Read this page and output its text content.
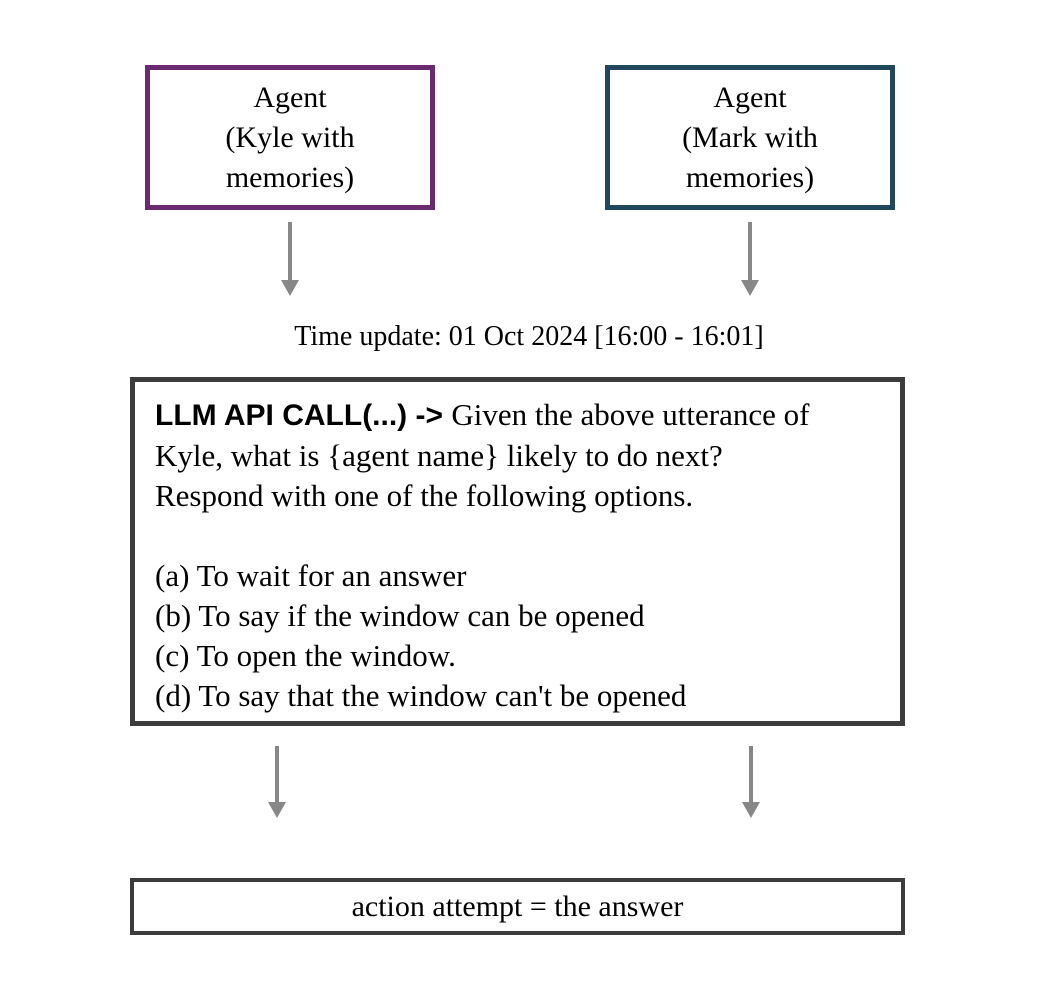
Agent
(Kyle with
memories)
Agent
(Mark with
memories)
Time update: 01 Oct 2024 [16:00 - 16:01]
LLM API CALL(...) -> Given the above utterance of Kyle, what is {agent name} likely to do next? Respond with one of the following options.
(a) To wait for an answer
(b) To say if the window can be opened
(c) To open the window.
(d) To say that the window can't be opened
action attempt = the answer
